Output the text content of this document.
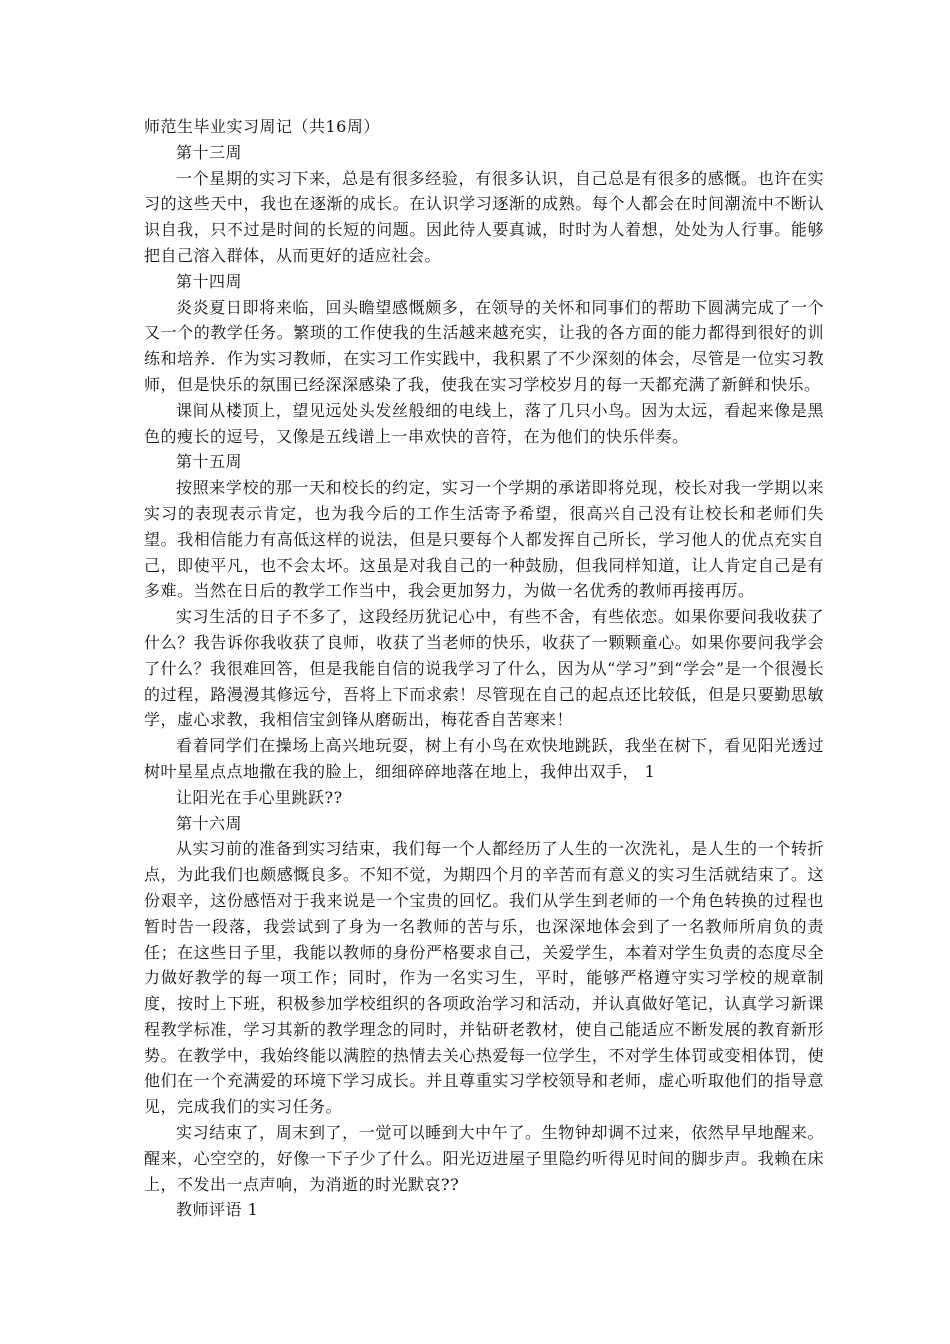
师范生毕业实习周记（共16周）

第十三周

一个星期的实习下来，总是有很多经验，有很多认识，自己总是有很多的感慨。也许在实习的这些天中，我也在逐渐的成长。在认识学习逐渐的成熟。每个人都会在时间潮流中不断认识自我，只不过是时间的长短的问题。因此待人要真诚，时时为人着想，处处为人行事。能够把自己溶入群体，从而更好的适应社会。

第十四周

炎炎夏日即将来临，回头瞻望感慨颇多，在领导的关怀和同事们的帮助下圆满完成了一个又一个的教学任务。繁琐的工作使我的生活越来越充实，让我的各方面的能力都得到很好的训练和培养．作为实习教师，在实习工作实践中，我积累了不少深刻的体会，尽管是一位实习教师，但是快乐的氛围已经深深感染了我，使我在实习学校岁月的每一天都充满了新鲜和快乐。

课间从楼顶上，望见远处头发丝般细的电线上，落了几只小鸟。因为太远，看起来像是黑色的瘦长的逗号，又像是五线谱上一串欢快的音符，在为他们的快乐伴奏。

第十五周

按照来学校的那一天和校长的约定，实习一个学期的承诺即将兑现，校长对我一学期以来实习的表现表示肯定，也为我今后的工作生活寄予希望，很高兴自己没有让校长和老师们失望。我相信能力有高低这样的说法，但是只要每个人都发挥自己所长，学习他人的优点充实自己，即使平凡，也不会太坏。这虽是对我自己的一种鼓励，但我同样知道，让人肯定自己是有多难。当然在日后的教学工作当中，我会更加努力，为做一名优秀的教师再接再厉。

实习生活的日子不多了，这段经历犹记心中，有些不舍，有些依恋。如果你要问我收获了什么？我告诉你我收获了良师，收获了当老师的快乐，收获了一颗颗童心。如果你要问我学会了什么？我很难回答，但是我能自信的说我学习了什么，因为从“学习”到“学会”是一个很漫长的过程，路漫漫其修远兮，吾将上下而求索！尽管现在自己的起点还比较低，但是只要勤思敏学，虚心求教，我相信宝剑锋从磨砺出，梅花香自苦寒来！

看着同学们在操场上高兴地玩耍，树上有小鸟在欢快地跳跃，我坐在树下，看见阳光透过树叶星星点点地撒在我的脸上，细细碎碎地落在地上，我伸出双手， 1

让阳光在手心里跳跃??

第十六周

从实习前的准备到实习结束，我们每一个人都经历了人生的一次洗礼，是人生的一个转折点，为此我们也颇感慨良多。不知不觉，为期四个月的辛苦而有意义的实习生活就结束了。这份艰辛，这份感悟对于我来说是一个宝贵的回忆。我们从学生到老师的一个角色转换的过程也暂时告一段落，我尝试到了身为一名教师的苦与乐，也深深地体会到了一名教师所肩负的责任；在这些日子里，我能以教师的身份严格要求自己，关爱学生，本着对学生负责的态度尽全力做好教学的每一项工作；同时，作为一名实习生，平时，能够严格遵守实习学校的规章制度，按时上下班，积极参加学校组织的各项政治学习和活动，并认真做好笔记，认真学习新课程教学标准，学习其新的教学理念的同时，并钻研老教材，使自己能适应不断发展的教育新形势。在教学中，我始终能以满腔的热情去关心热爱每一位学生，不对学生体罚或变相体罚，使他们在一个充满爱的环境下学习成长。并且尊重实习学校领导和老师，虚心听取他们的指导意见，完成我们的实习任务。

实习结束了，周末到了，一觉可以睡到大中午了。生物钟却调不过来，依然早早地醒来。醒来，心空空的，好像一下子少了什么。阳光迈进屋子里隐约听得见时间的脚步声。我赖在床上，不发出一点声响，为消逝的时光默哀??

教师评语 1
